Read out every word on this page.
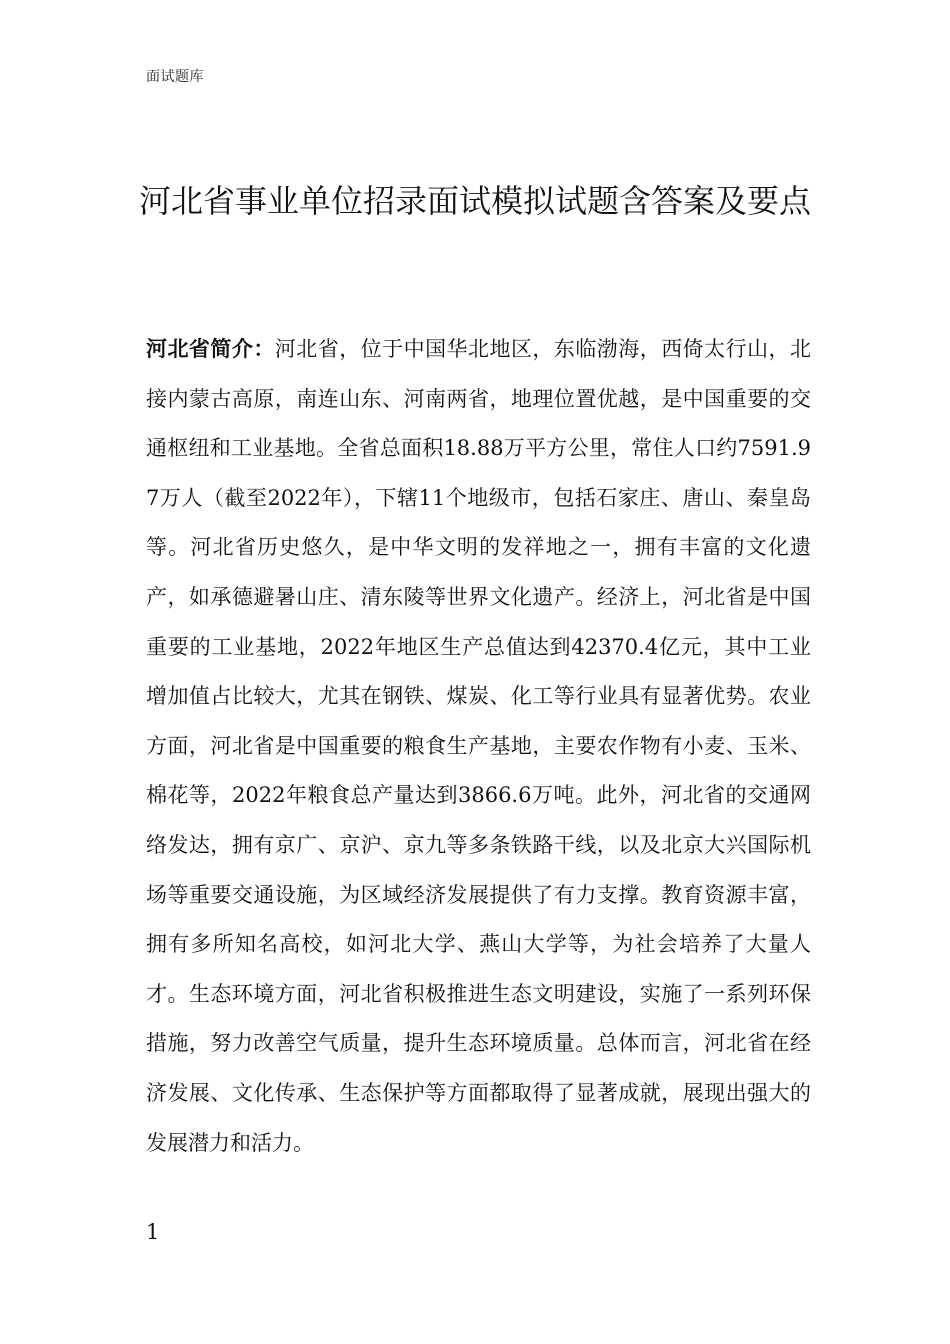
面试题库
河北省事业单位招录面试模拟试题含答案及要点

河北省简介：河北省，位于中国华北地区，东临渤海，西倚太行山，北接内蒙古高原，南连山东、河南两省，地理位置优越，是中国重要的交通枢纽和工业基地。全省总面积18.88万平方公里，常住人口约7591.97万人（截至2022年），下辖11个地级市，包括石家庄、唐山、秦皇岛等。河北省历史悠久，是中华文明的发祥地之一，拥有丰富的文化遗产，如承德避暑山庄、清东陵等世界文化遗产。经济上，河北省是中国重要的工业基地，2022年地区生产总值达到42370.4亿元，其中工业增加值占比较大，尤其在钢铁、煤炭、化工等行业具有显著优势。农业方面，河北省是中国重要的粮食生产基地，主要农作物有小麦、玉米、棉花等，2022年粮食总产量达到3866.6万吨。此外，河北省的交通网络发达，拥有京广、京沪、京九等多条铁路干线，以及北京大兴国际机场等重要交通设施，为区域经济发展提供了有力支撑。教育资源丰富，拥有多所知名高校，如河北大学、燕山大学等，为社会培养了大量人才。生态环境方面，河北省积极推进生态文明建设，实施了一系列环保措施，努力改善空气质量，提升生态环境质量。总体而言，河北省在经济发展、文化传承、生态保护等方面都取得了显著成就，展现出强大的发展潜力和活力。

1
